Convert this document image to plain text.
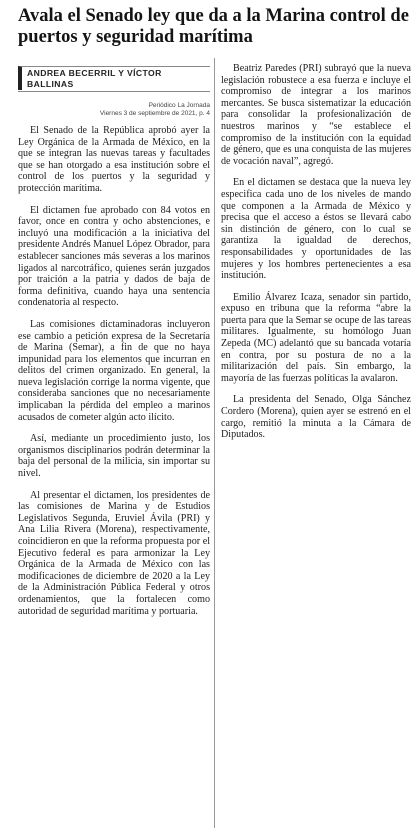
Avala el Senado ley que da a la Marina control de puertos y seguridad marítima
ANDREA BECERRIL Y VÍCTOR BALLINAS
Periódico La Jornada
Viernes 3 de septiembre de 2021, p. 4

El Senado de la República aprobó ayer la Ley Orgánica de la Armada de México, en la que se integran las nuevas tareas y facultades que se han otorgado a esa institución sobre el control de los puertos y la seguridad y protección marítima.

El dictamen fue aprobado con 84 votos en favor, once en contra y ocho abstenciones, e incluyó una modificación a la iniciativa del presidente Andrés Manuel López Obrador, para establecer sanciones más severas a los marinos ligados al narcotráfico, quienes serán juzgados por traición a la patria y dados de baja de forma definitiva, cuando haya una sentencia condenatoria al respecto.

Las comisiones dictaminadoras incluyeron ese cambio a petición expresa de la Secretaría de Marina (Semar), a fin de que no haya impunidad para los elementos que incurran en delitos del crimen organizado. En general, la nueva legislación corrige la norma vigente, que consideraba sanciones que no necesariamente implicaban la pérdida del empleo a marinos acusados de cometer algún acto ilícito.

Así, mediante un procedimiento justo, los organismos disciplinarios podrán determinar la baja del personal de la milicia, sin importar su nivel.

Al presentar el dictamen, los presidentes de las comisiones de Marina y de Estudios Legislativos Segunda, Eruviel Ávila (PRI) y Ana Lilia Rivera (Morena), respectivamente, coincidieron en que la reforma propuesta por el Ejecutivo federal es para armonizar la Ley Orgánica de la Armada de México con las modificaciones de diciembre de 2020 a la Ley de la Administración Pública Federal y otros ordenamientos, que la fortalecen como autoridad de seguridad marítima y portuaria.

Beatriz Paredes (PRI) subrayó que la nueva legislación robustece a esa fuerza e incluye el compromiso de integrar a los marinos mercantes. Se busca sistematizar la educación para consolidar la profesionalización de nuestros marinos y “se establece el compromiso de la institución con la equidad de género, que es una conquista de las mujeres de vocación naval”, agregó.

En el dictamen se destaca que la nueva ley especifica cada uno de los niveles de mando que componen a la Armada de México y precisa que el acceso a éstos se llevará cabo sin distinción de género, con lo cual se garantiza la igualdad de derechos, responsabilidades y oportunidades de las mujeres y los hombres pertenecientes a esa institución.

Emilio Álvarez Icaza, senador sin partido, expuso en tribuna que la reforma “abre la puerta para que la Semar se ocupe de las tareas militares. Igualmente, su homólogo Juan Zepeda (MC) adelantó que su bancada votaría en contra, por su postura de no a la militarización del país. Sin embargo, la mayoría de las fuerzas políticas la avalaron.

La presidenta del Senado, Olga Sánchez Cordero (Morena), quien ayer se estrenó en el cargo, remitió la minuta a la Cámara de Diputados.
